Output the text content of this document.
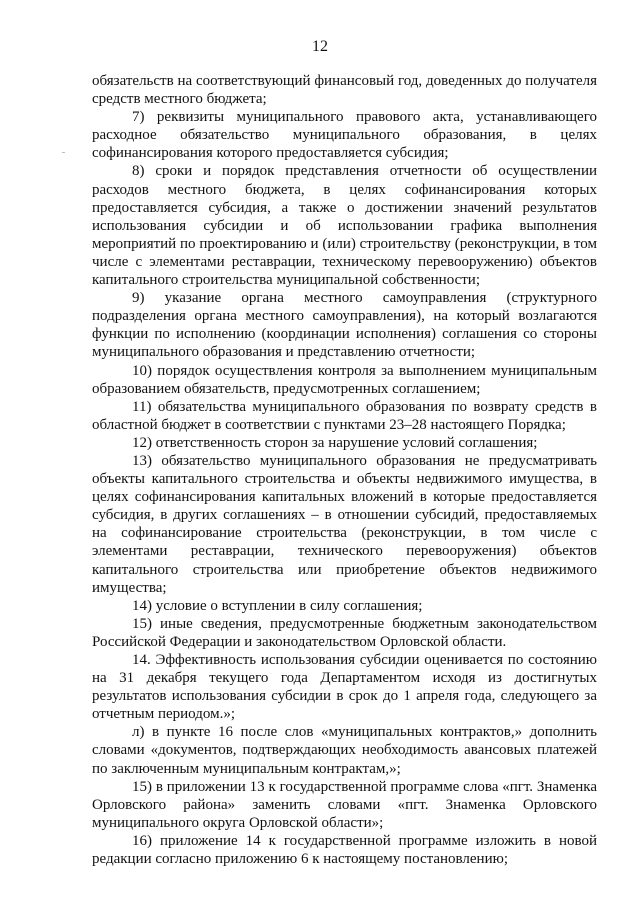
12

обязательств на соответствующий финансовый год, доведенных до получателя средств местного бюджета;

7) реквизиты муниципального правового акта, устанавливающего расходное обязательство муниципального образования, в целях софинансирования которого предоставляется субсидия;

8) сроки и порядок представления отчетности об осуществлении расходов местного бюджета, в целях софинансирования которых предоставляется субсидия, а также о достижении значений результатов использования субсидии и об использовании графика выполнения мероприятий по проектированию и (или) строительству (реконструкции, в том числе с элементами реставрации, техническому перевооружению) объектов капитального строительства муниципальной собственности;

9) указание органа местного самоуправления (структурного подразделения органа местного самоуправления), на который возлагаются функции по исполнению (координации исполнения) соглашения со стороны муниципального образования и представлению отчетности;

10) порядок осуществления контроля за выполнением муниципальным образованием обязательств, предусмотренных соглашением;

11) обязательства муниципального образования по возврату средств в областной бюджет в соответствии с пунктами 23–28 настоящего Порядка;

12) ответственность сторон за нарушение условий соглашения;

13) обязательство муниципального образования не предусматривать объекты капитального строительства и объекты недвижимого имущества, в целях софинансирования капитальных вложений в которые предоставляется субсидия, в других соглашениях – в отношении субсидий, предоставляемых на софинансирование строительства (реконструкции, в том числе с элементами реставрации, технического перевооружения) объектов капитального строительства или приобретение объектов недвижимого имущества;

14) условие о вступлении в силу соглашения;

15) иные сведения, предусмотренные бюджетным законодательством Российской Федерации и законодательством Орловской области.

14. Эффективность использования субсидии оценивается по состоянию на 31 декабря текущего года Департаментом исходя из достигнутых результатов использования субсидии в срок до 1 апреля года, следующего за отчетным периодом.»;

л) в пункте 16 после слов «муниципальных контрактов,» дополнить словами «документов, подтверждающих необходимость авансовых платежей по заключенным муниципальным контрактам,»;

15) в приложении 13 к государственной программе слова «пгт. Знаменка Орловского района» заменить словами «пгт. Знаменка Орловского муниципального округа Орловской области»;

16) приложение 14 к государственной программе изложить в новой редакции согласно приложению 6 к настоящему постановлению;
